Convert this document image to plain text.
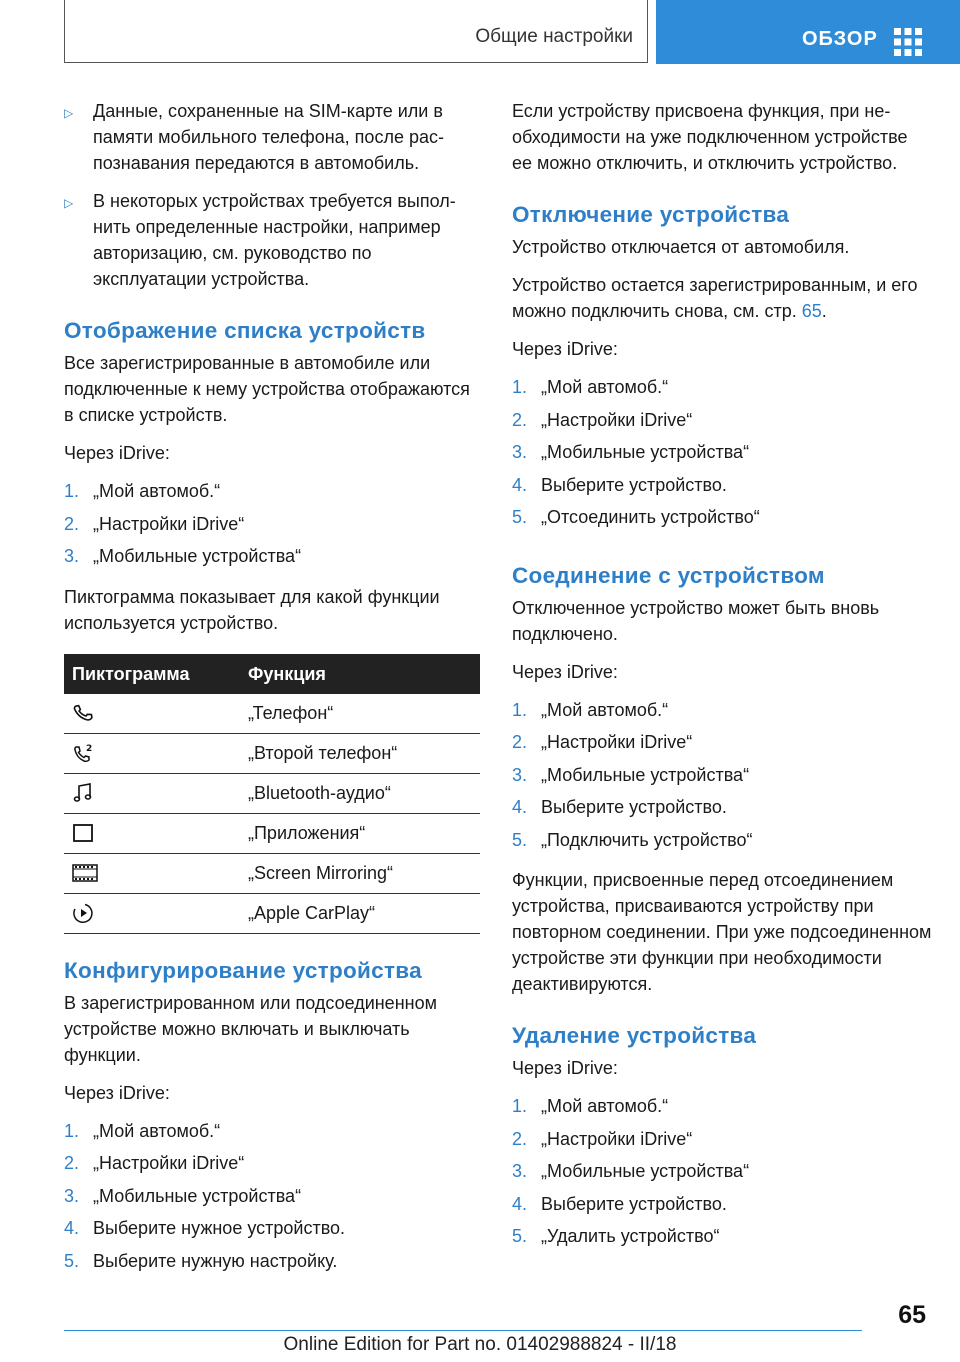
Общие настройки	ОБЗОР
▷	Данные, сохраненные на SIM-карте или в памяти мобильного телефона, после распознавания передаются в автомобиль.
▷	В некоторых устройствах требуется выполнить определенные настройки, например авторизацию, см. руководство по эксплуатации устройства.
Отображение списка устройств

Все зарегистрированные в автомобиле или подключенные к нему устройства отображаются в списке устройств.

Через iDrive:

1. „Мой автомоб.“
2. „Настройки iDrive“
3. „Мобильные устройства“

Пиктограмма показывает для какой функции используется устройство.

Пиктограмма	Функция

	„Телефон“

2	„Второй телефон“

	„Bluetooth-аудио“

	„Приложения“

	„Screen Mirroring“

	„Apple CarPlay“
Конфигурирование устройства

В зарегистрированном или подсоединенном устройстве можно включать и выключать функции.

Через iDrive:

1. „Мой автомоб.“
2. „Настройки iDrive“
3. „Мобильные устройства“
4. Выберите нужное устройство.
5. Выберите нужную настройку.

Если устройству присвоена функция, при необходимости на уже подключенном устройстве ее можно отключить, и отключить устройство.

Отключение устройства

Устройство отключается от автомобиля.

Устройство остается зарегистрированным, и его можно подключить снова, см. стр. 65.

Через iDrive:

1. „Мой автомоб.“
2. „Настройки iDrive“
3. „Мобильные устройства“
4. Выберите устройство.
5. „Отсоединить устройство“
Соединение с устройством

Отключенное устройство может быть вновь подключено.

Через iDrive:

1. „Мой автомоб.“
2. „Настройки iDrive“
3. „Мобильные устройства“
4. Выберите устройство.
5. „Подключить устройство“

Функции, присвоенные перед отсоединением устройства, присваиваются устройству при повторном соединении. При уже подсоединенном устройстве эти функции при необходимости деактивируются.

Удаление устройства

Через iDrive:

1. „Мой автомоб.“
2. „Настройки iDrive“
3. „Мобильные устройства“
4. Выберите устройство.
5. „Удалить устройство“
65
Online Edition for Part no. 01402988824 - II/18
